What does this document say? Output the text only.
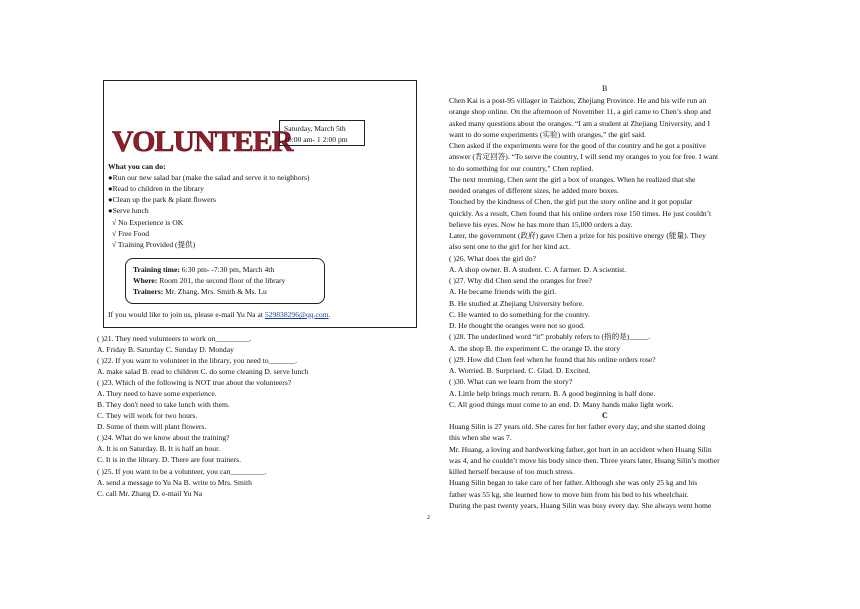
VOLUNTEER
Saturday, March 5th
10:00 am- 1 2:00 pm
What you can do:
●Run our new salad bar (make the salad and serve it to neighbors)
●Read to children in the library
●Clean up the park & plant flowers
●Serve lunch
√ No Experience is OK
√ Free Food
√ Training Provided (提供)
Training time: 6:30 pm- -7:30 pm, March 4th
Where: Room 201, the second floor of the library
Trainers: Mr. Zhang, Mrs. Smith & Ms. Lu
If you would like to join us, please e-mail Yu Na at 529838296@qq.com.
( )21. They need volunteers to work on_________.
A. Friday B. Saturday C. Sunday D. Monday
( )22. If you want to volunteer in the library, you need to_______.
A. make salad B. read to children C. do some cleaning D. serve lunch
( )23. Which of the following is NOT true about the volunteers?
A. They need to have some experience.
B. They don't need to take lunch with them.
C. They will work for two hours.
D. Some of them will plant flowers.
( )24. What do we know about the training?
A. It is on Saturday. B. It is half an hour.
C. It is in the library. D. There are four trainers.
( )25. If you want to be a volunteer, you can_________.
A. send a message to Yu Na B. write to Mrs. Smith
C. call Mr. Zhang D. e-mail Yu Na
2
B
Chen Kai is a post-95 villager in Taizhou, Zhejiang Province. He and his wife run an
orange shop online. On the afternoon of November 11, a girl came to Chen’s shop and
asked many questions about the oranges. “I am a student at Zhejiang University, and I
want to do some experiments (实验) with oranges,” the girl said.
Chen asked if the experiments were for the good of the country and he got a positive
answer (肯定回答). “To serve the country, I will send my oranges to you for free. I want
to do something for our country,” Chen replied.
The next morning, Chen sent the girl a box of oranges. When he realized that she
needed oranges of different sizes, he added more boxes.
Touched by the kindness of Chen, the girl put the story online and it got popular
quickly. As a result, Chen found that his online orders rose 150 times. He just couldn’t
believe his eyes. Now he has more than 15,000 orders a day.
Later, the government (政府) gave Chen a prize for his positive energy (能量). They
also sent one to the girl for her kind act.
( )26. What does the girl do?
A. A shop owner. B. A student. C. A farmer. D. A scientist.
( )27. Why did Chen send the oranges for free?
A. He became friends with the girl.
B. He studied at Zhejiang University before.
C. He wanted to do something for the country.
D. He thought the oranges were not so good.
( )28. The underlined word “it” probably refers to (指的是)_____.
A. the shop B. the experiment C. the orange D. the story
( )29. How did Chen feel when he found that his online orders rose?
A. Worried. B. Surprised. C. Glad. D. Excited.
( )30. What can we learn from the story?
A. Little help brings much return. B. A good beginning is half done.
C. All good things must come to an end. D. Many hands make light work.
C
Huang Silin is 27 years old. She cares for her father every day, and she started doing
this when she was 7.
Mr. Huang, a loving and hardworking father, got hurt in an accident when Huang Silin
was 4, and he couldn’t move his body since then. Three years later, Huang Silin’s mother
killed herself because of too much stress.
Huang Silin began to take care of her father. Although she was only 25 kg and his
father was 55 kg, she learned how to move him from his bed to his wheelchair.
During the past twenty years, Huang Silin was busy every day. She always went home
